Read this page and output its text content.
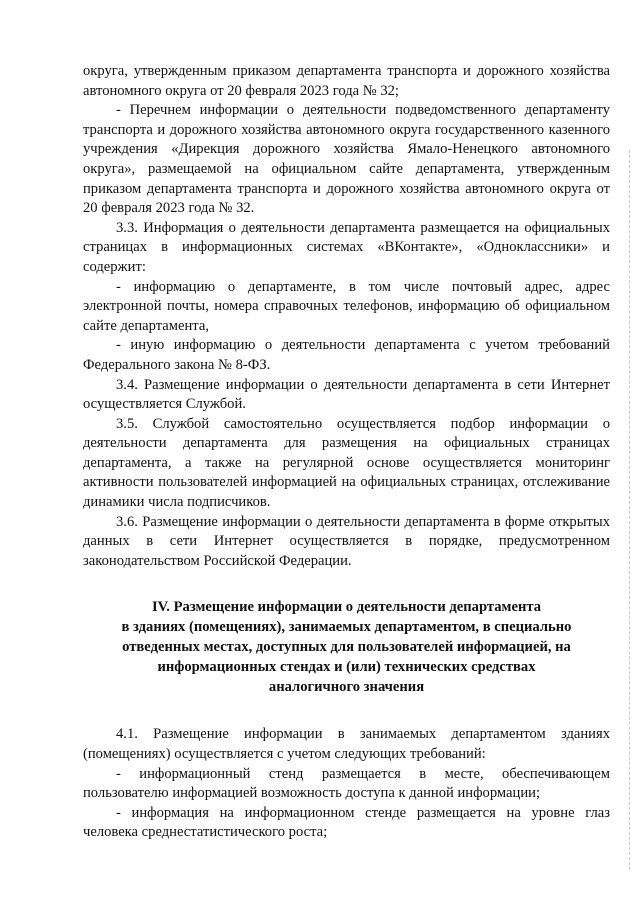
округа, утвержденным приказом департамента транспорта и дорожного хозяйства автономного округа от 20 февраля 2023 года № 32;

- Перечнем информации о деятельности подведомственного департаменту транспорта и дорожного хозяйства автономного округа государственного казенного учреждения «Дирекция дорожного хозяйства Ямало-Ненецкого автономного округа», размещаемой на официальном сайте департамента, утвержденным приказом департамента транспорта и дорожного хозяйства автономного округа от 20 февраля 2023 года № 32.

3.3. Информация о деятельности департамента размещается на официальных страницах в информационных системах «ВКонтакте», «Одноклассники» и содержит:

- информацию о департаменте, в том числе почтовый адрес, адрес электронной почты, номера справочных телефонов, информацию об официальном сайте департамента,

- иную информацию о деятельности департамента с учетом требований Федерального закона № 8-ФЗ.

3.4. Размещение информации о деятельности департамента в сети Интернет осуществляется Службой.

3.5. Службой самостоятельно осуществляется подбор информации о деятельности департамента для размещения на официальных страницах департамента, а также на регулярной основе осуществляется мониторинг активности пользователей информацией на официальных страницах, отслеживание динамики числа подписчиков.

3.6. Размещение информации о деятельности департамента в форме открытых данных в сети Интернет осуществляется в порядке, предусмотренном законодательством Российской Федерации.

IV. Размещение информации о деятельности департамента
в зданиях (помещениях), занимаемых департаментом, в специально
отведенных местах, доступных для пользователей информацией, на
информационных стендах и (или) технических средствах
аналогичного значения

4.1. Размещение информации в занимаемых департаментом зданиях (помещениях) осуществляется с учетом следующих требований:

- информационный стенд размещается в месте, обеспечивающем пользователю информацией возможность доступа к данной информации;

- информация на информационном стенде размещается на уровне глаз человека среднестатистического роста;
